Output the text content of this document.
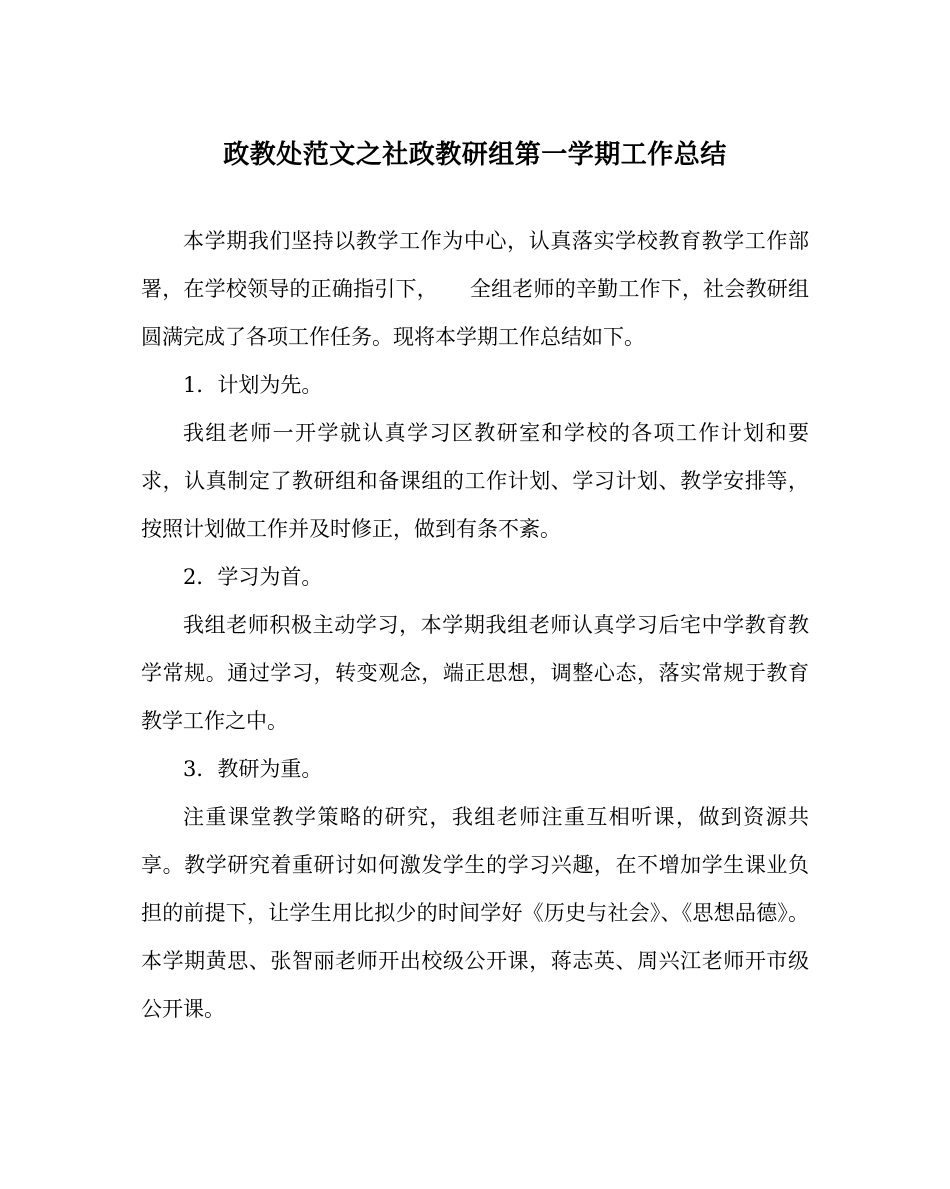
政教处范文之社政教研组第一学期工作总结

本学期我们坚持以教学工作为中心，认真落实学校教育教学工作部署，在学校领导的正确指引下，　　全组老师的辛勤工作下，社会教研组圆满完成了各项工作任务。现将本学期工作总结如下。

1．计划为先。

我组老师一开学就认真学习区教研室和学校的各项工作计划和要求，认真制定了教研组和备课组的工作计划、学习计划、教学安排等，按照计划做工作并及时修正，做到有条不紊。

2．学习为首。

我组老师积极主动学习，本学期我组老师认真学习后宅中学教育教学常规。通过学习，转变观念，端正思想，调整心态，落实常规于教育教学工作之中。

3．教研为重。

注重课堂教学策略的研究，我组老师注重互相听课，做到资源共享。教学研究着重研讨如何激发学生的学习兴趣，在不增加学生课业负担的前提下，让学生用比拟少的时间学好《历史与社会》、《思想品德》。本学期黄思、张智丽老师开出校级公开课，蒋志英、周兴江老师开市级公开课。
